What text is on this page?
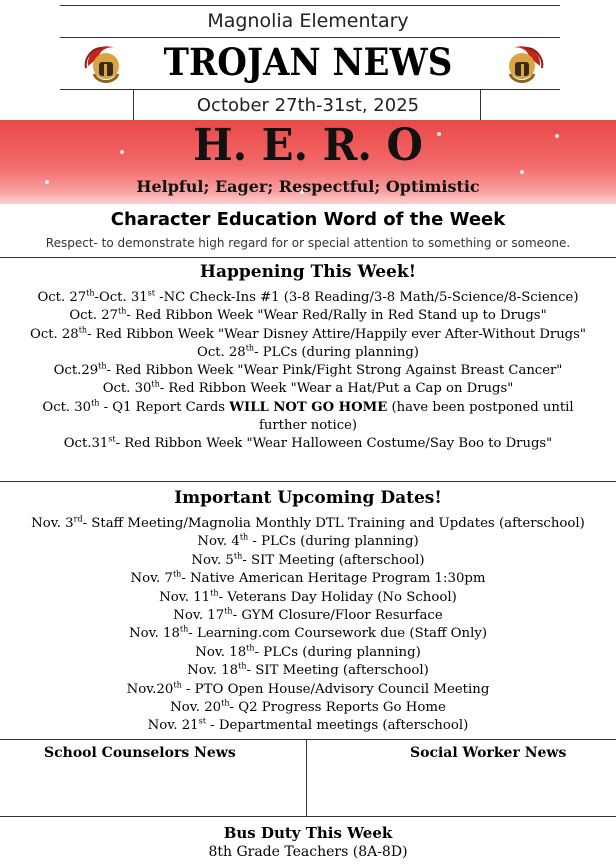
Magnolia Elementary
TROJAN NEWS
October 27th-31st, 2025
H. E. R. O
Helpful; Eager; Respectful; Optimistic
Character Education Word of the Week
Respect- to demonstrate high regard for or special attention to something or someone.
Happening This Week!
Oct. 27th-Oct. 31st -NC Check-Ins #1 (3-8 Reading/3-8 Math/5-Science/8-Science)
Oct. 27th- Red Ribbon Week "Wear Red/Rally in Red Stand up to Drugs"
Oct. 28th- Red Ribbon Week "Wear Disney Attire/Happily ever After-Without Drugs"
Oct. 28th- PLCs (during planning)
Oct.29th- Red Ribbon Week "Wear Pink/Fight Strong Against Breast Cancer"
Oct. 30th- Red Ribbon Week "Wear a Hat/Put a Cap on Drugs"
Oct. 30th - Q1 Report Cards WILL NOT GO HOME (have been postponed until further notice)
Oct.31st- Red Ribbon Week "Wear Halloween Costume/Say Boo to Drugs"
Important Upcoming Dates!
Nov. 3rd- Staff Meeting/Magnolia Monthly DTL Training and Updates (afterschool)
Nov. 4th - PLCs (during planning)
Nov. 5th- SIT Meeting (afterschool)
Nov. 7th- Native American Heritage Program 1:30pm
Nov. 11th- Veterans Day Holiday (No School)
Nov. 17th- GYM Closure/Floor Resurface
Nov. 18th- Learning.com Coursework due (Staff Only)
Nov. 18th- PLCs (during planning)
Nov. 18th- SIT Meeting (afterschool)
Nov.20th - PTO Open House/Advisory Council Meeting
Nov. 20th- Q2 Progress Reports Go Home
Nov. 21st - Departmental meetings (afterschool)
School Counselors News	Social Worker News
Bus Duty This Week
8th Grade Teachers (8A-8D)
